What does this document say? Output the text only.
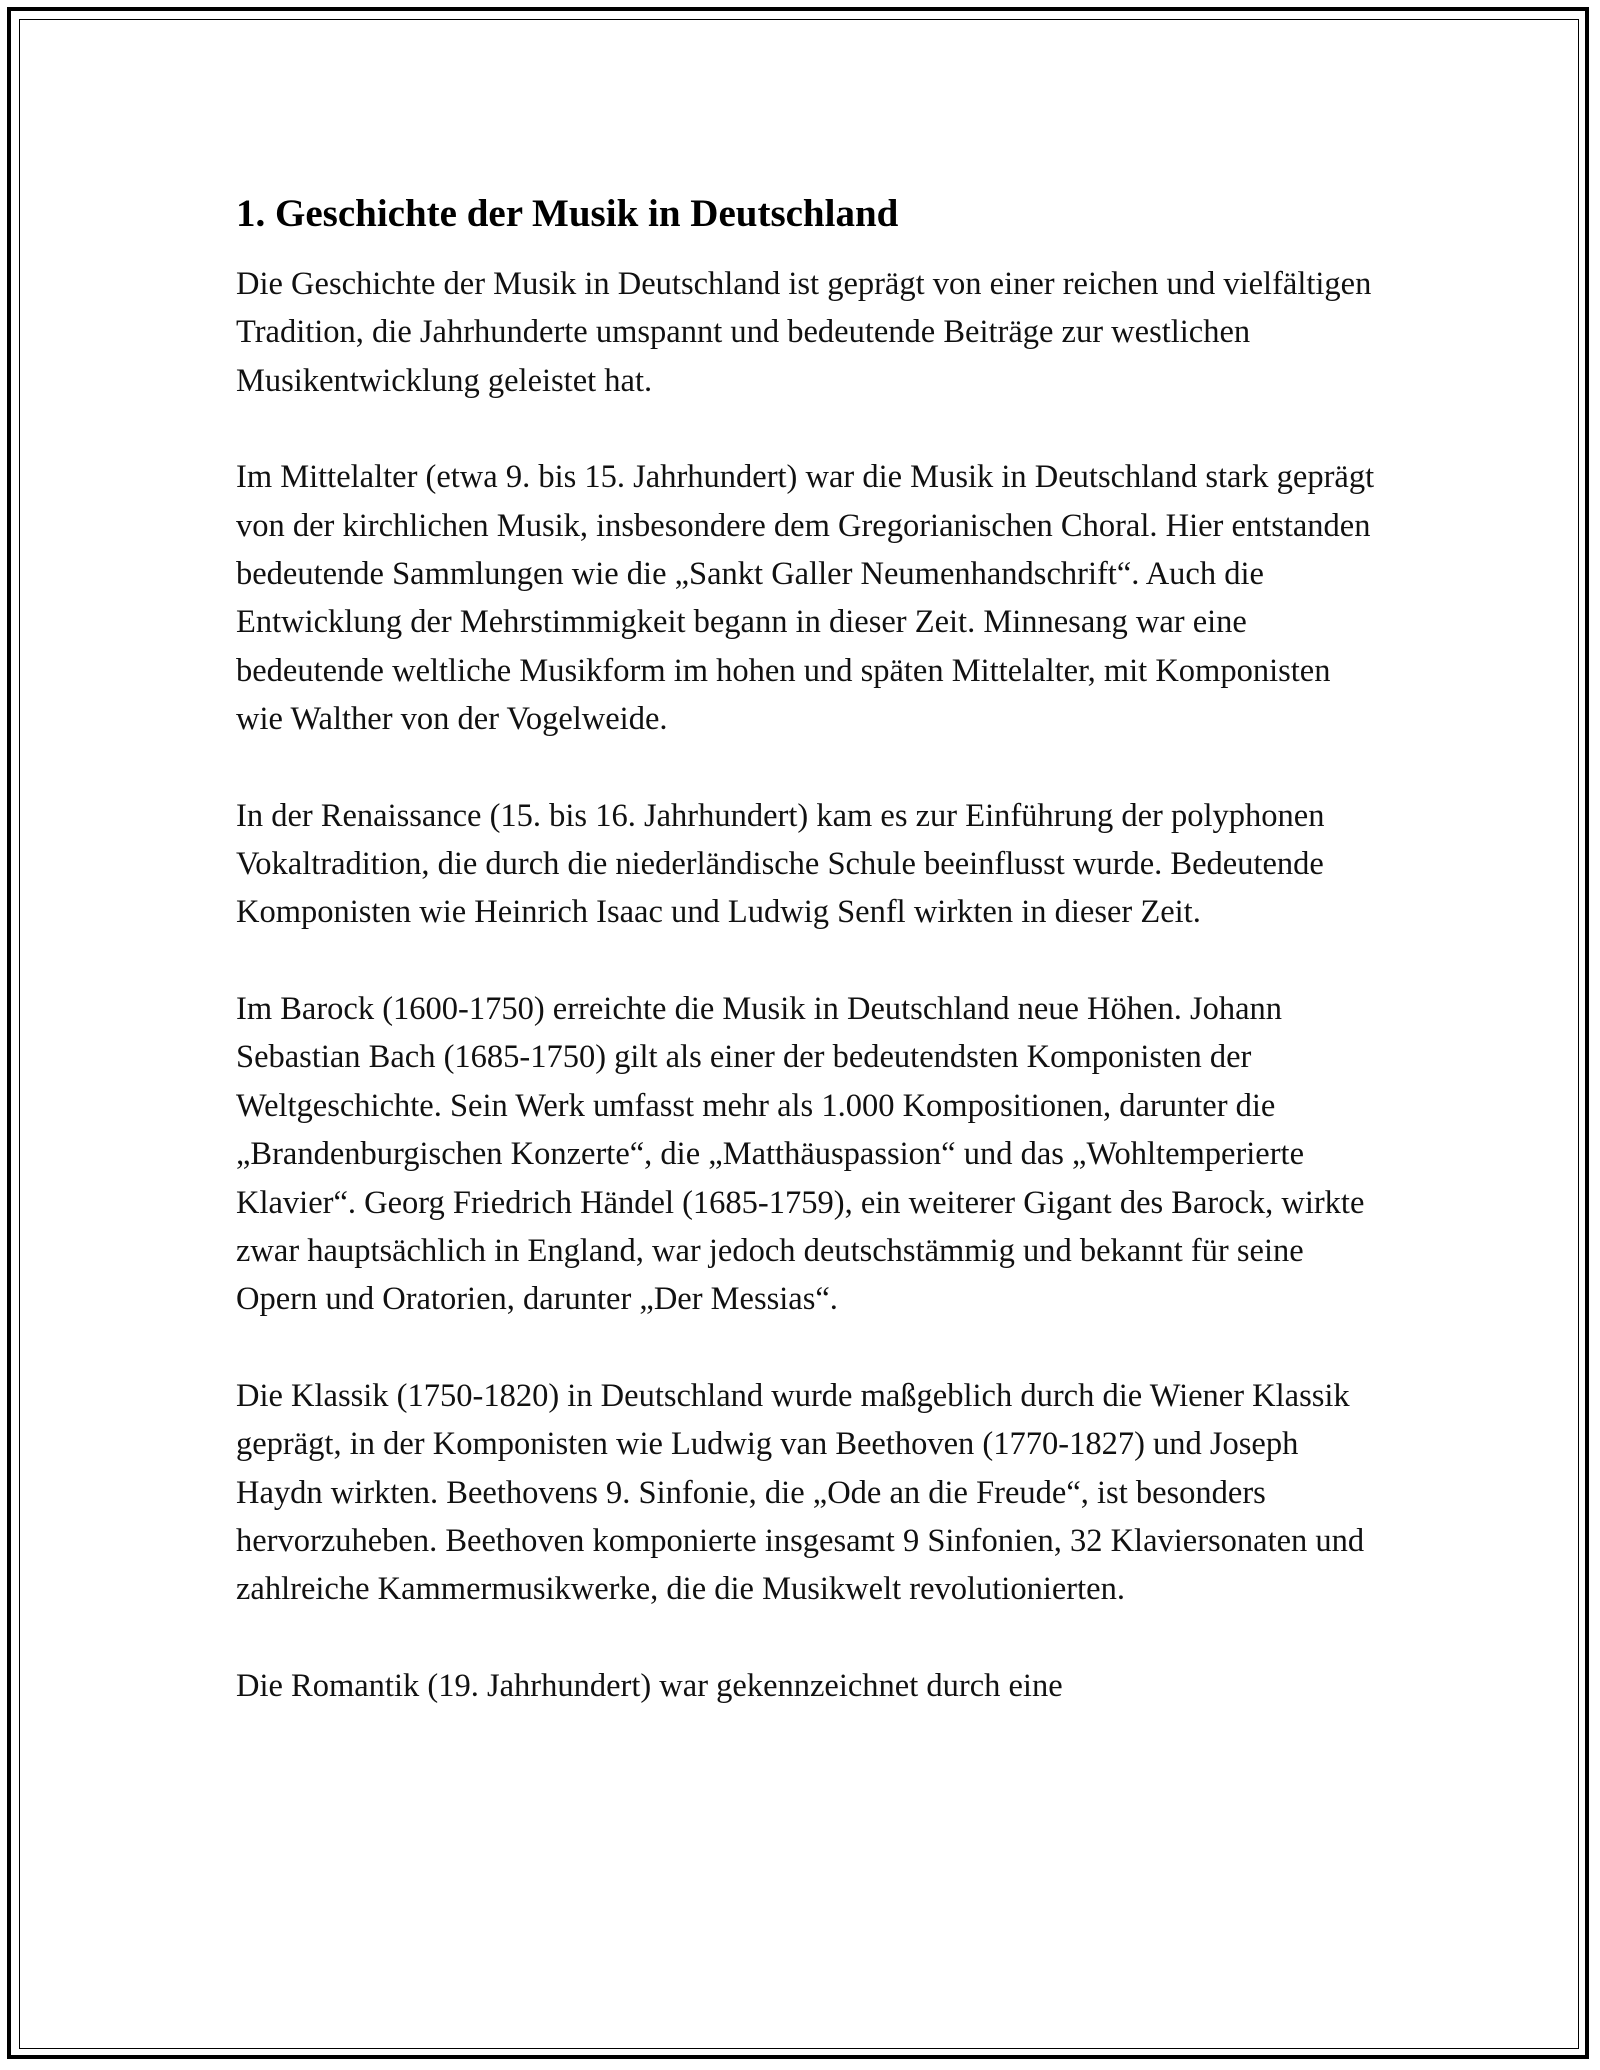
1. Geschichte der Musik in Deutschland

Die Geschichte der Musik in Deutschland ist geprägt von einer reichen und vielfältigen Tradition, die Jahrhunderte umspannt und bedeutende Beiträge zur westlichen Musikentwicklung geleistet hat.

Im Mittelalter (etwa 9. bis 15. Jahrhundert) war die Musik in Deutschland stark geprägt von der kirchlichen Musik, insbesondere dem Gregorianischen Choral. Hier entstanden bedeutende Sammlungen wie die „Sankt Galler Neumenhandschrift“. Auch die Entwicklung der Mehrstimmigkeit begann in dieser Zeit. Minnesang war eine bedeutende weltliche Musikform im hohen und späten Mittelalter, mit Komponisten wie Walther von der Vogelweide.

In der Renaissance (15. bis 16. Jahrhundert) kam es zur Einführung der polyphonen Vokaltradition, die durch die niederländische Schule beeinflusst wurde. Bedeutende Komponisten wie Heinrich Isaac und Ludwig Senfl wirkten in dieser Zeit.

Im Barock (1600-1750) erreichte die Musik in Deutschland neue Höhen. Johann Sebastian Bach (1685-1750) gilt als einer der bedeutendsten Komponisten der Weltgeschichte. Sein Werk umfasst mehr als 1.000 Kompositionen, darunter die „Brandenburgischen Konzerte“, die „Matthäuspassion“ und das „Wohltemperierte Klavier“. Georg Friedrich Händel (1685-1759), ein weiterer Gigant des Barock, wirkte zwar hauptsächlich in England, war jedoch deutschstämmig und bekannt für seine Opern und Oratorien, darunter „Der Messias“.

Die Klassik (1750-1820) in Deutschland wurde maßgeblich durch die Wiener Klassik geprägt, in der Komponisten wie Ludwig van Beethoven (1770-1827) und Joseph Haydn wirkten. Beethovens 9. Sinfonie, die „Ode an die Freude“, ist besonders hervorzuheben. Beethoven komponierte insgesamt 9 Sinfonien, 32 Klaviersonaten und zahlreiche Kammermusikwerke, die die Musikwelt revolutionierten.

Die Romantik (19. Jahrhundert) war gekennzeichnet durch eine
